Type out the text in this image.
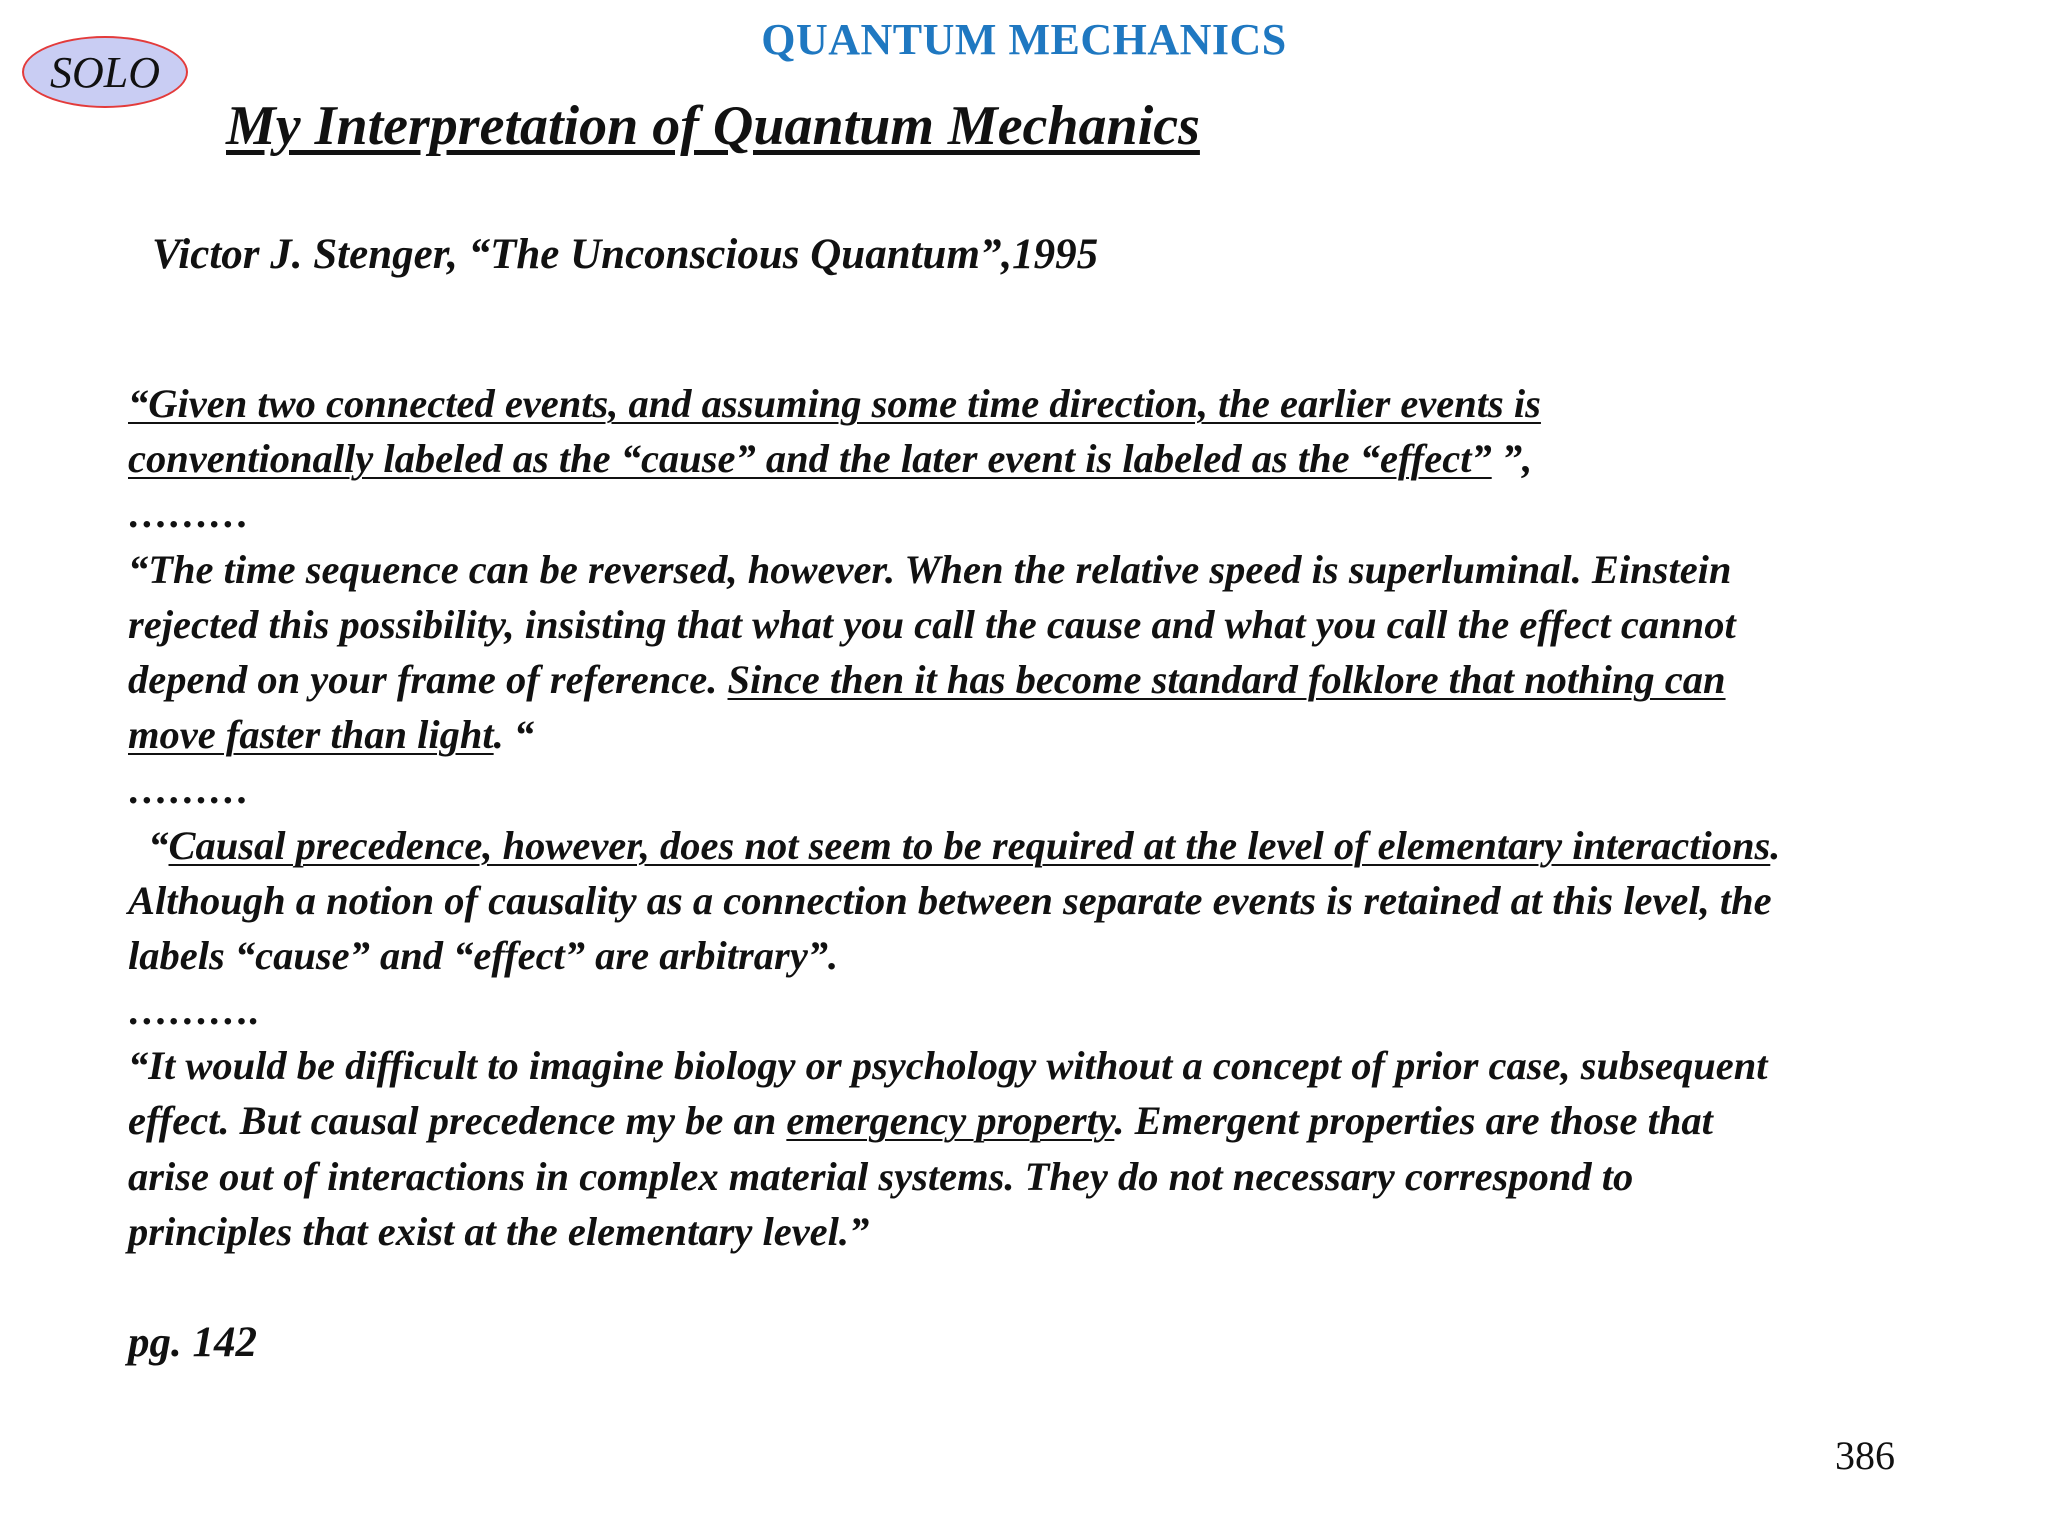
QUANTUM MECHANICS
SOLO
My Interpretation of Quantum Mechanics
Victor J. Stenger, “The Unconscious Quantum”,1995
“Given two connected events, and assuming some time direction, the earlier events is
conventionally labeled as the “cause” and the later event is labeled as the “effect” ”,
………
“The time sequence can be reversed, however. When the relative speed is superluminal. Einstein
rejected this possibility, insisting that what you call the cause and what you call the effect cannot
depend on your frame of reference. Since then it has become standard folklore that nothing can
move faster than light. “
………
“Causal precedence, however, does not seem to be required at the level of elementary interactions.
Although a notion of causality as a connection between separate events is retained at this level, the
labels “cause” and “effect” are arbitrary”.
……….
“It would be difficult to imagine biology or psychology without a concept of prior case, subsequent
effect. But causal precedence my be an emergency property. Emergent properties are those that
arise out of interactions in complex material systems. They do not necessary correspond to
principles that exist at the elementary level.”
pg. 142
386
